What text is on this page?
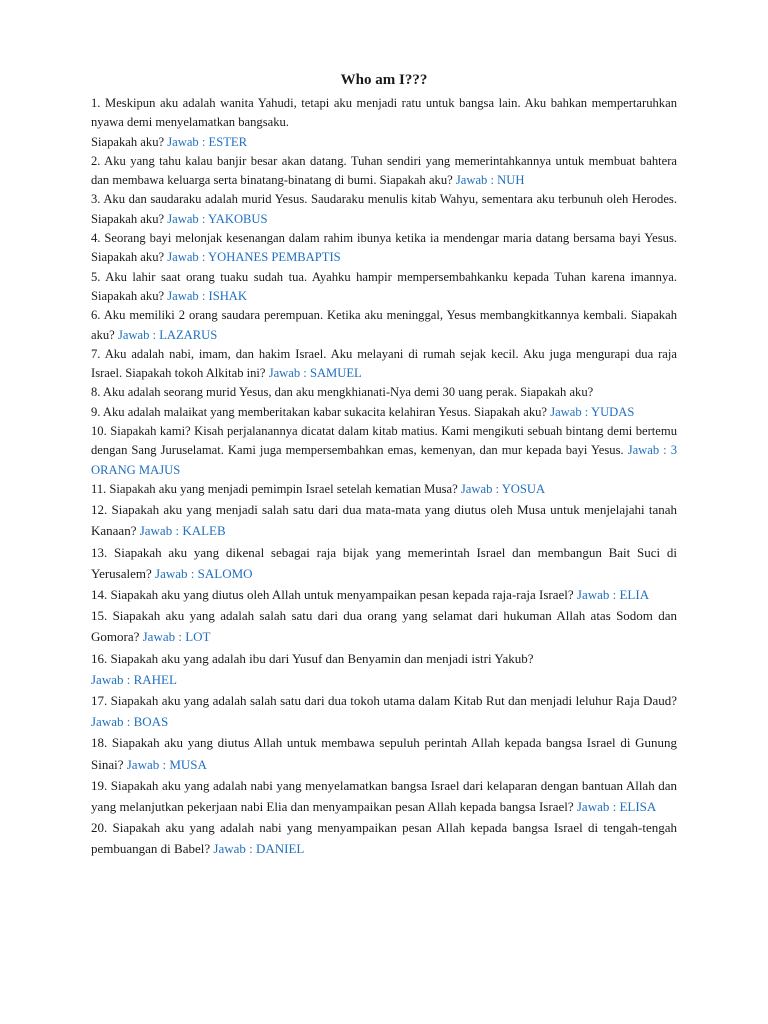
Who am I???

1. Meskipun aku adalah wanita Yahudi, tetapi aku menjadi ratu untuk bangsa lain. Aku bahkan mempertaruhkan nyawa demi menyelamatkan bangsaku.
Siapakah aku? Jawab : ESTER

2. Aku yang tahu kalau banjir besar akan datang. Tuhan sendiri yang memerintahkannya untuk membuat bahtera dan membawa keluarga serta binatang-binatang di bumi. Siapakah aku? Jawab : NUH

3. Aku dan saudaraku adalah murid Yesus. Saudaraku menulis kitab Wahyu, sementara aku terbunuh oleh Herodes. Siapakah aku? Jawab : YAKOBUS

4. Seorang bayi melonjak kesenangan dalam rahim ibunya ketika ia mendengar maria datang bersama bayi Yesus. Siapakah aku? Jawab : YOHANES PEMBAPTIS

5. Aku lahir saat orang tuaku sudah tua. Ayahku hampir mempersembahkanku kepada Tuhan karena imannya. Siapakah aku? Jawab : ISHAK

6. Aku memiliki 2 orang saudara perempuan. Ketika aku meninggal, Yesus membangkitkannya kembali. Siapakah aku? Jawab : LAZARUS

7. Aku adalah nabi, imam, dan hakim Israel. Aku melayani di rumah sejak kecil. Aku juga mengurapi dua raja Israel. Siapakah tokoh Alkitab ini? Jawab : SAMUEL

8. Aku adalah seorang murid Yesus, dan aku mengkhianati-Nya demi 30 uang perak. Siapakah aku?

9. Aku adalah malaikat yang memberitakan kabar sukacita kelahiran Yesus. Siapakah aku? Jawab : YUDAS

10. Siapakah kami? Kisah perjalanannya dicatat dalam kitab matius. Kami mengikuti sebuah bintang demi bertemu dengan Sang Juruselamat. Kami juga mempersembahkan emas, kemenyan, dan mur kepada bayi Yesus. Jawab : 3 ORANG MAJUS

11. Siapakah aku yang menjadi pemimpin Israel setelah kematian Musa? Jawab : YOSUA

12. Siapakah aku yang menjadi salah satu dari dua mata-mata yang diutus oleh Musa untuk menjelajahi tanah Kanaan? Jawab : KALEB

13. Siapakah aku yang dikenal sebagai raja bijak yang memerintah Israel dan membangun Bait Suci di Yerusalem? Jawab : SALOMO

14. Siapakah aku yang diutus oleh Allah untuk menyampaikan pesan kepada raja-raja Israel? Jawab : ELIA

15. Siapakah aku yang adalah salah satu dari dua orang yang selamat dari hukuman Allah atas Sodom dan Gomora? Jawab : LOT

16. Siapakah aku yang adalah ibu dari Yusuf dan Benyamin dan menjadi istri Yakub?
Jawab : RAHEL

17. Siapakah aku yang adalah salah satu dari dua tokoh utama dalam Kitab Rut dan menjadi leluhur Raja Daud? Jawab : BOAS

18. Siapakah aku yang diutus Allah untuk membawa sepuluh perintah Allah kepada bangsa Israel di Gunung Sinai? Jawab : MUSA

19. Siapakah aku yang adalah nabi yang menyelamatkan bangsa Israel dari kelaparan dengan bantuan Allah dan yang melanjutkan pekerjaan nabi Elia dan menyampaikan pesan Allah kepada bangsa Israel? Jawab : ELISA

20. Siapakah aku yang adalah nabi yang menyampaikan pesan Allah kepada bangsa Israel di tengah-tengah pembuangan di Babel? Jawab : DANIEL
